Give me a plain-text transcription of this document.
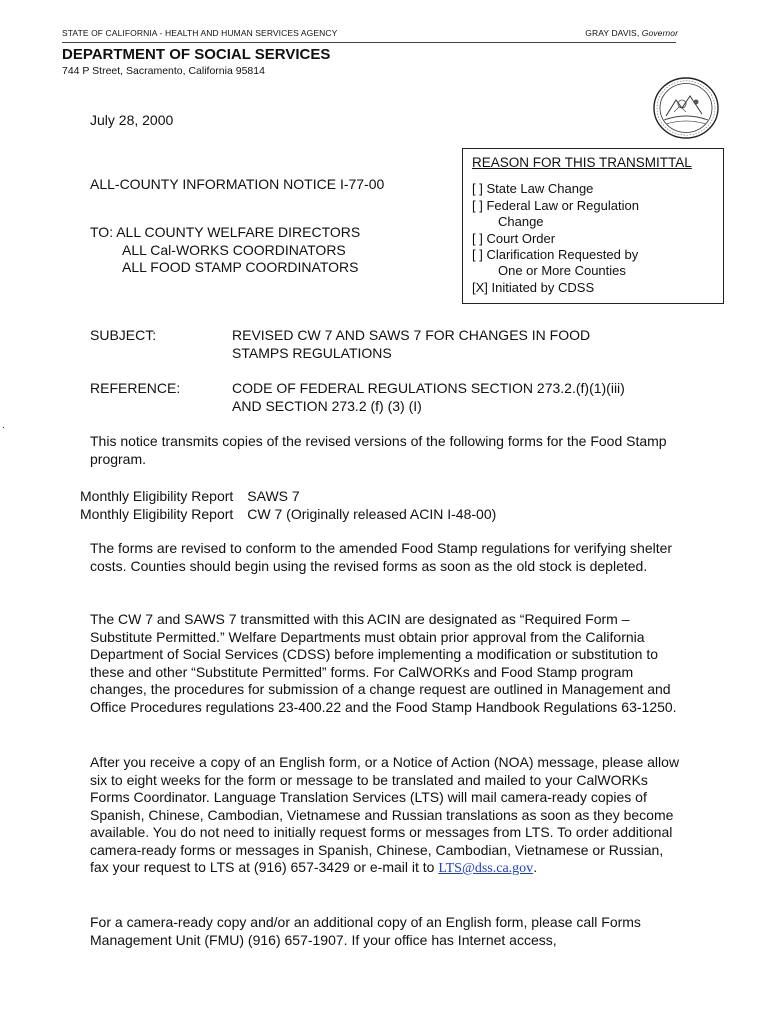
STATE OF CALIFORNIA - HEALTH AND HUMAN SERVICES AGENCY	GRAY DAVIS, Governor
DEPARTMENT OF SOCIAL SERVICES
744 P Street, Sacramento, California 95814
July 28, 2000
ALL-COUNTY INFORMATION NOTICE I-77-00
TO: ALL COUNTY WELFARE DIRECTORS
ALL Cal-WORKS COORDINATORS
ALL FOOD STAMP COORDINATORS
REASON FOR THIS TRANSMITTAL
[ ] State Law Change
[ ] Federal Law or Regulation
Change
[ ] Court Order
[ ] Clarification Requested by
One or More Counties
[X] Initiated by CDSS
SUBJECT:	REVISED CW 7 AND SAWS 7 FOR CHANGES IN FOOD
STAMPS REGULATIONS
REFERENCE:	CODE OF FEDERAL REGULATIONS SECTION 273.2.(f)(1)(iii)
AND SECTION 273.2 (f) (3) (I)
.
This notice transmits copies of the revised versions of the following forms for the Food Stamp program.
Monthly Eligibility Report	SAWS 7
Monthly Eligibility Report	CW 7 (Originally released ACIN I-48-00)
The forms are revised to conform to the amended Food Stamp regulations for verifying shelter costs. Counties should begin using the revised forms as soon as the old stock is depleted.
The CW 7 and SAWS 7 transmitted with this ACIN are designated as “Required Form – Substitute Permitted.” Welfare Departments must obtain prior approval from the California Department of Social Services (CDSS) before implementing a modification or substitution to these and other “Substitute Permitted” forms. For CalWORKs and Food Stamp program changes, the procedures for submission of a change request are outlined in Management and Office Procedures regulations 23-400.22 and the Food Stamp Handbook Regulations 63-1250.
After you receive a copy of an English form, or a Notice of Action (NOA) message, please allow six to eight weeks for the form or message to be translated and mailed to your CalWORKs Forms Coordinator. Language Translation Services (LTS) will mail camera-ready copies of Spanish, Chinese, Cambodian, Vietnamese and Russian translations as soon as they become available. You do not need to initially request forms or messages from LTS. To order additional camera-ready forms or messages in Spanish, Chinese, Cambodian, Vietnamese or Russian, fax your request to LTS at (916) 657-3429 or e-mail it to LTS@dss.ca.gov.
For a camera-ready copy and/or an additional copy of an English form, please call Forms Management Unit (FMU) (916) 657-1907. If your office has Internet access,
